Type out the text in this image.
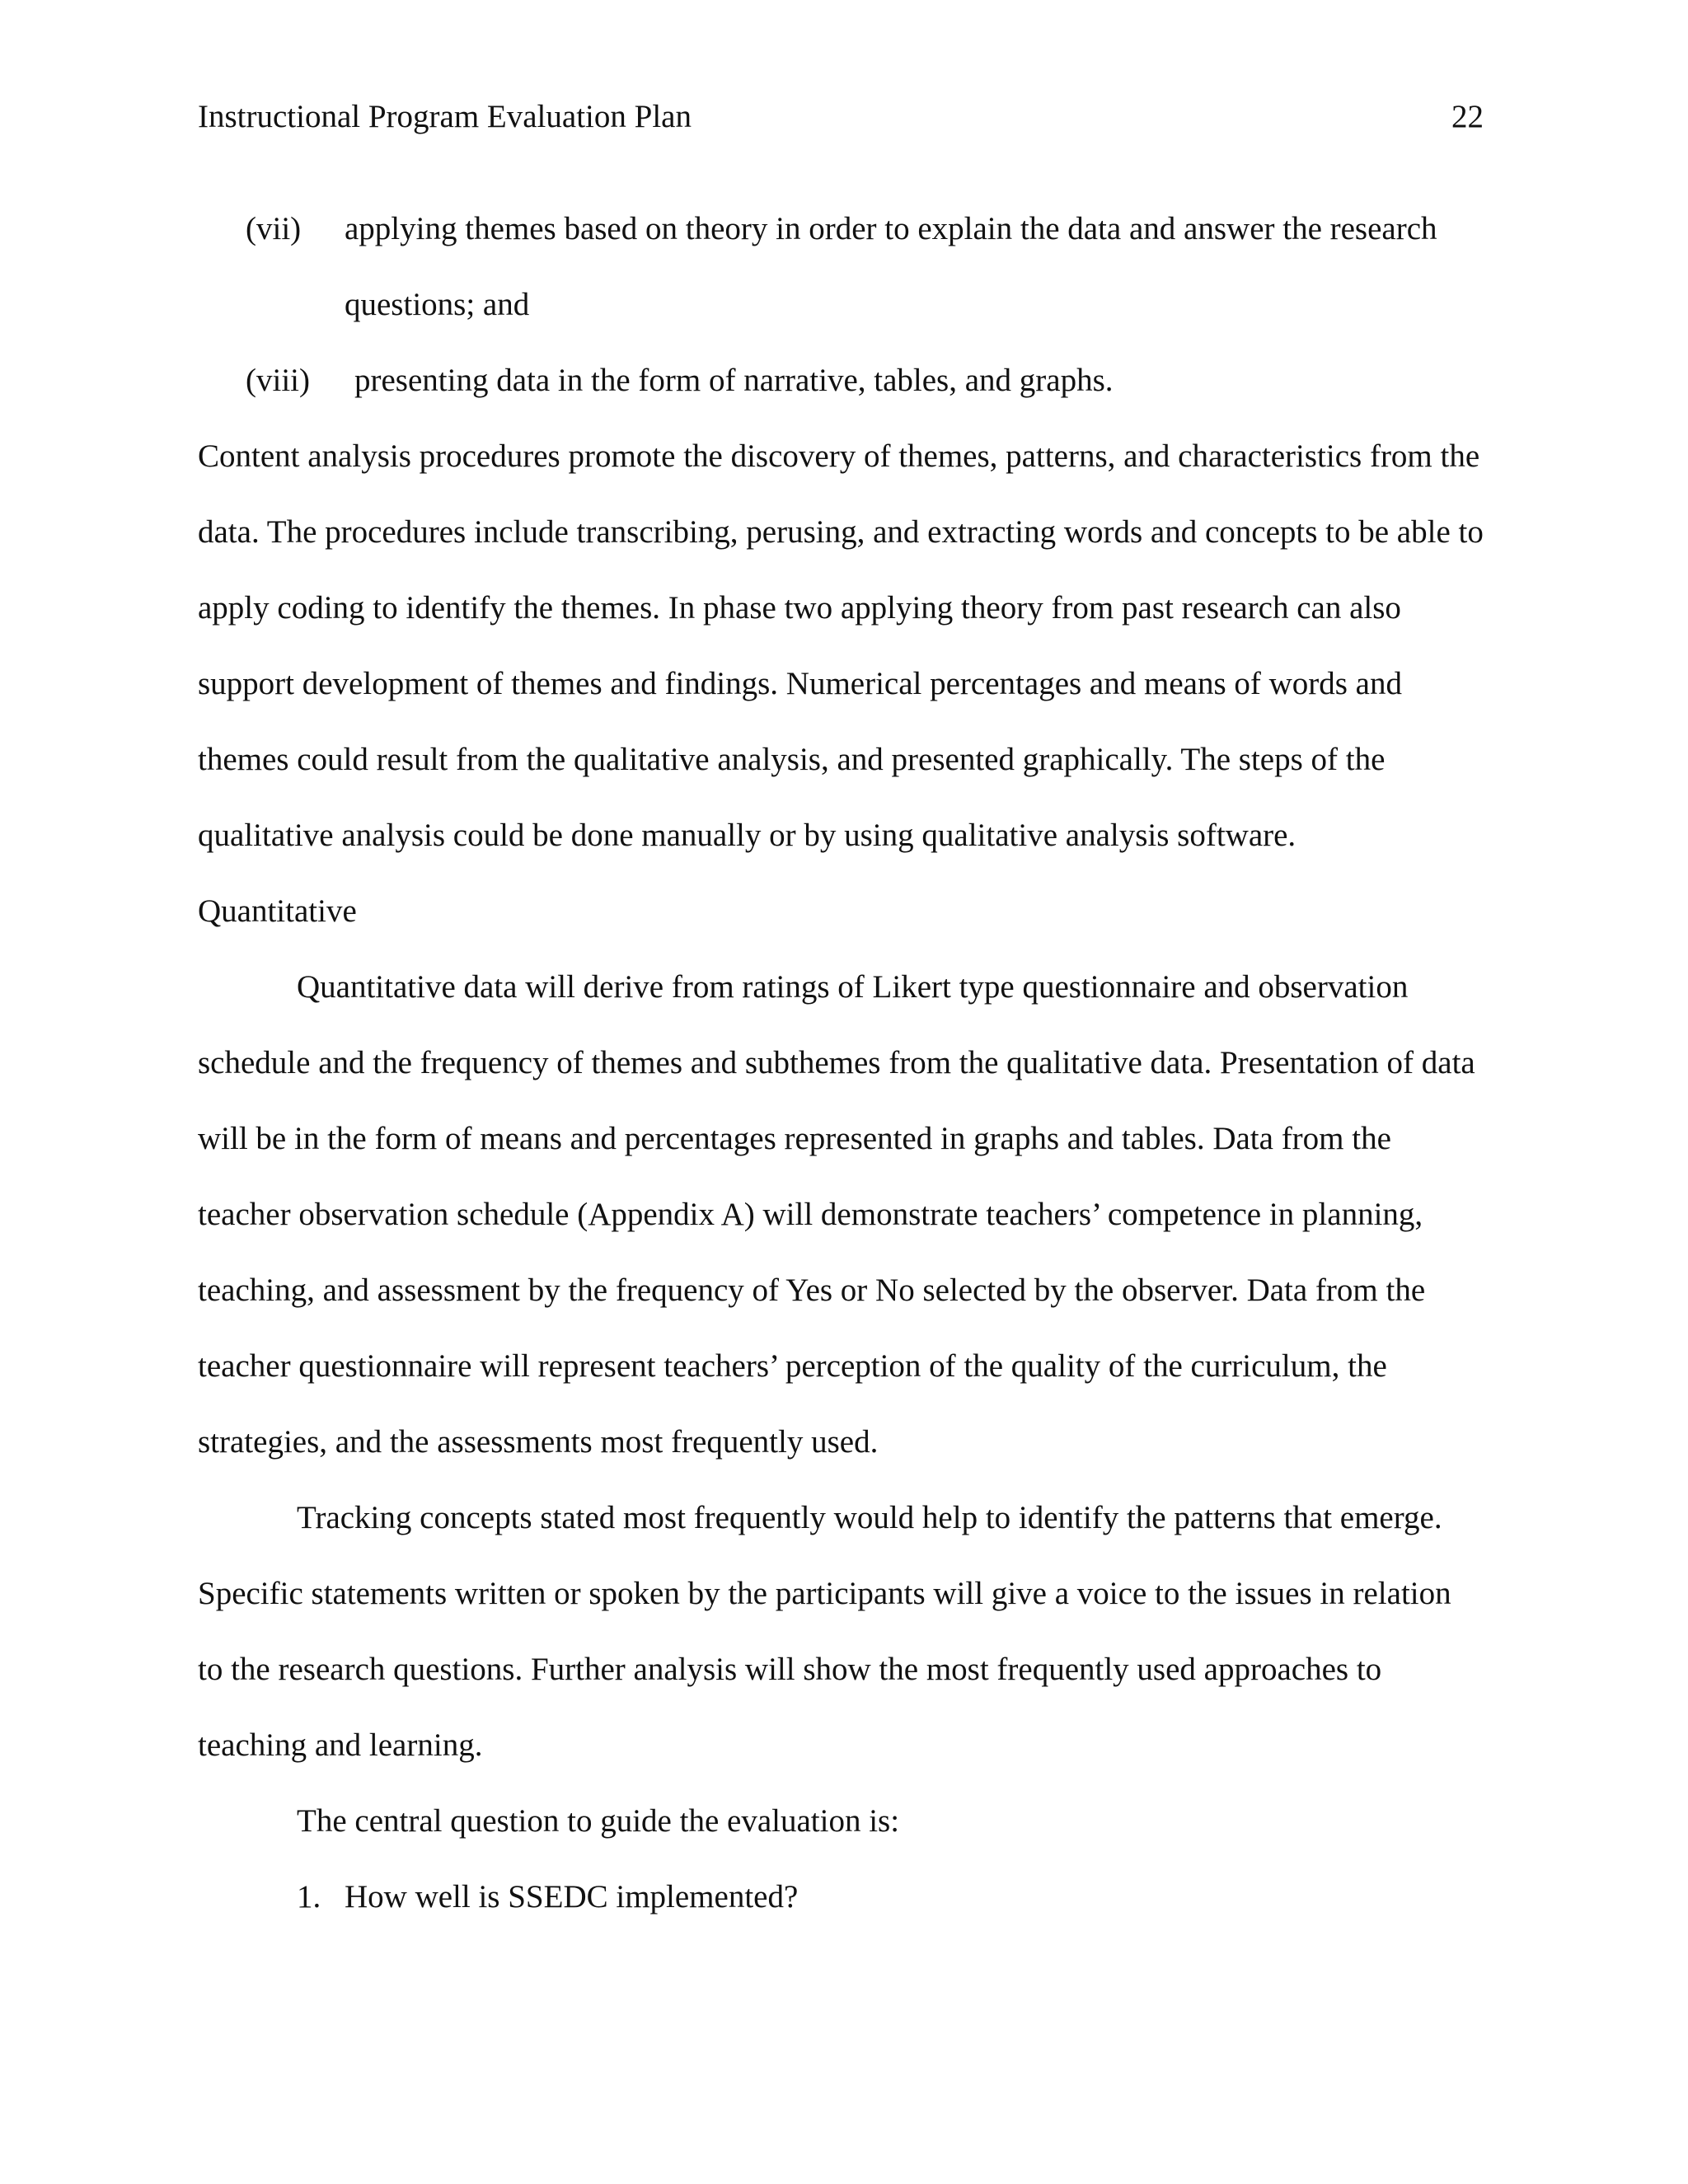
Instructional Program Evaluation Plan	22
(vii) applying themes based on theory in order to explain the data and answer the research questions; and
(viii)	presenting data in the form of narrative, tables, and graphs.

Content analysis procedures promote the discovery of themes, patterns, and characteristics from the data. The procedures include transcribing, perusing, and extracting words and concepts to be able to apply coding to identify the themes. In phase two applying theory from past research can also support development of themes and findings. Numerical percentages and means of words and themes could result from the qualitative analysis, and presented graphically. The steps of the qualitative analysis could be done manually or by using qualitative analysis software.

Quantitative

Quantitative data will derive from ratings of Likert type questionnaire and observation schedule and the frequency of themes and subthemes from the qualitative data. Presentation of data will be in the form of means and percentages represented in graphs and tables. Data from the teacher observation schedule (Appendix A) will demonstrate teachers’ competence in planning, teaching, and assessment by the frequency of Yes or No selected by the observer. Data from the teacher questionnaire will represent teachers’ perception of the quality of the curriculum, the strategies, and the assessments most frequently used.

Tracking concepts stated most frequently would help to identify the patterns that emerge. Specific statements written or spoken by the participants will give a voice to the issues in relation to the research questions. Further analysis will show the most frequently used approaches to teaching and learning.

The central question to guide the evaluation is:

1. How well is SSEDC implemented?
